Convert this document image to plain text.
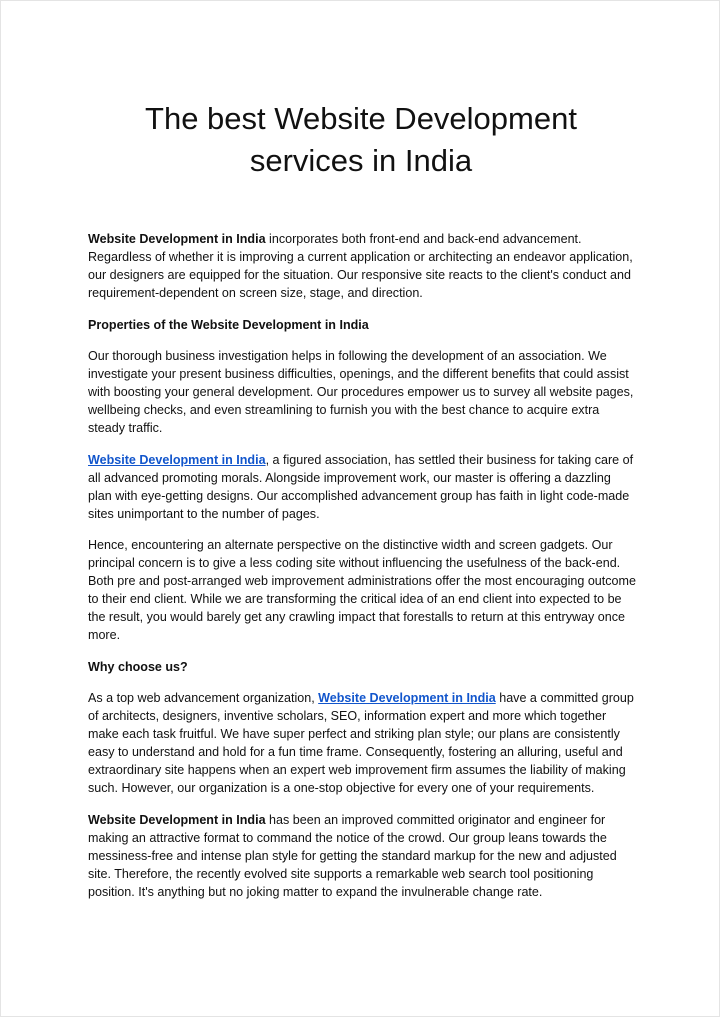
The best Website Development services in India

Website Development in India incorporates both front-end and back-end advancement. Regardless of whether it is improving a current application or architecting an endeavor application, our designers are equipped for the situation. Our responsive site reacts to the client's conduct and requirement-dependent on screen size, stage, and direction.

Properties of the Website Development in India

Our thorough business investigation helps in following the development of an association. We investigate your present business difficulties, openings, and the different benefits that could assist with boosting your general development. Our procedures empower us to survey all website pages, wellbeing checks, and even streamlining to furnish you with the best chance to acquire extra steady traffic.

Website Development in India, a figured association, has settled their business for taking care of all advanced promoting morals. Alongside improvement work, our master is offering a dazzling plan with eye-getting designs. Our accomplished advancement group has faith in light code-made sites unimportant to the number of pages.

Hence, encountering an alternate perspective on the distinctive width and screen gadgets. Our principal concern is to give a less coding site without influencing the usefulness of the back-end. Both pre and post-arranged web improvement administrations offer the most encouraging outcome to their end client. While we are transforming the critical idea of an end client into expected to be the result, you would barely get any crawling impact that forestalls to return at this entryway once more.

Why choose us?

As a top web advancement organization, Website Development in India have a committed group of architects, designers, inventive scholars, SEO, information expert and more which together make each task fruitful. We have super perfect and striking plan style; our plans are consistently easy to understand and hold for a fun time frame. Consequently, fostering an alluring, useful and extraordinary site happens when an expert web improvement firm assumes the liability of making such. However, our organization is a one-stop objective for every one of your requirements.

Website Development in India has been an improved committed originator and engineer for making an attractive format to command the notice of the crowd. Our group leans towards the messiness-free and intense plan style for getting the standard markup for the new and adjusted site. Therefore, the recently evolved site supports a remarkable web search tool positioning position. It's anything but no joking matter to expand the invulnerable change rate.
